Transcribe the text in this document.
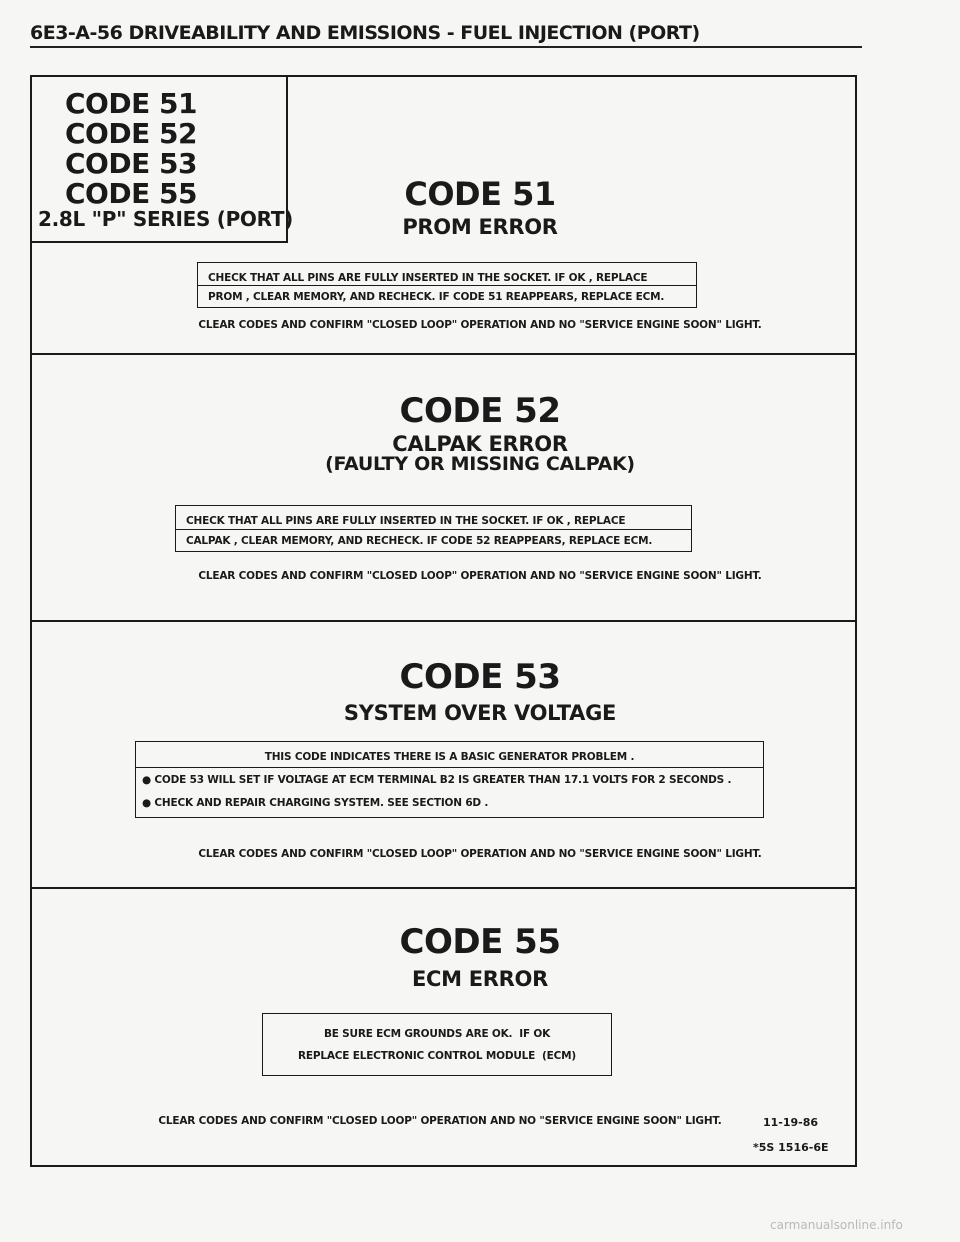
6E3-A-56 DRIVEABILITY AND EMISSIONS - FUEL INJECTION (PORT)
CODE 51
CODE 52
CODE 53
CODE 55
2.8L "P" SERIES (PORT)
CODE 51
PROM ERROR
CHECK THAT ALL PINS ARE FULLY INSERTED IN THE SOCKET. IF OK , REPLACE
PROM , CLEAR MEMORY, AND RECHECK. IF CODE 51 REAPPEARS, REPLACE ECM.
CLEAR CODES AND CONFIRM "CLOSED LOOP" OPERATION AND NO "SERVICE ENGINE SOON" LIGHT.
CODE 52
CALPAK ERROR
(FAULTY OR MISSING CALPAK)
CHECK THAT ALL PINS ARE FULLY INSERTED IN THE SOCKET. IF OK , REPLACE
CALPAK , CLEAR MEMORY, AND RECHECK. IF CODE 52 REAPPEARS, REPLACE ECM.
CLEAR CODES AND CONFIRM "CLOSED LOOP" OPERATION AND NO "SERVICE ENGINE SOON" LIGHT.
CODE 53
SYSTEM OVER VOLTAGE
THIS CODE INDICATES THERE IS A BASIC GENERATOR PROBLEM .
● CODE 53 WILL SET IF VOLTAGE AT ECM TERMINAL B2 IS GREATER THAN 17.1 VOLTS FOR 2 SECONDS .
● CHECK AND REPAIR CHARGING SYSTEM. SEE SECTION 6D .
CLEAR CODES AND CONFIRM "CLOSED LOOP" OPERATION AND NO "SERVICE ENGINE SOON" LIGHT.
CODE 55
ECM ERROR
BE SURE ECM GROUNDS ARE OK.  IF OK
REPLACE ELECTRONIC CONTROL MODULE  (ECM)
CLEAR CODES AND CONFIRM "CLOSED LOOP" OPERATION AND NO "SERVICE ENGINE SOON" LIGHT.	11-19-86
*5S 1516-6E
carmanualsonline.info
